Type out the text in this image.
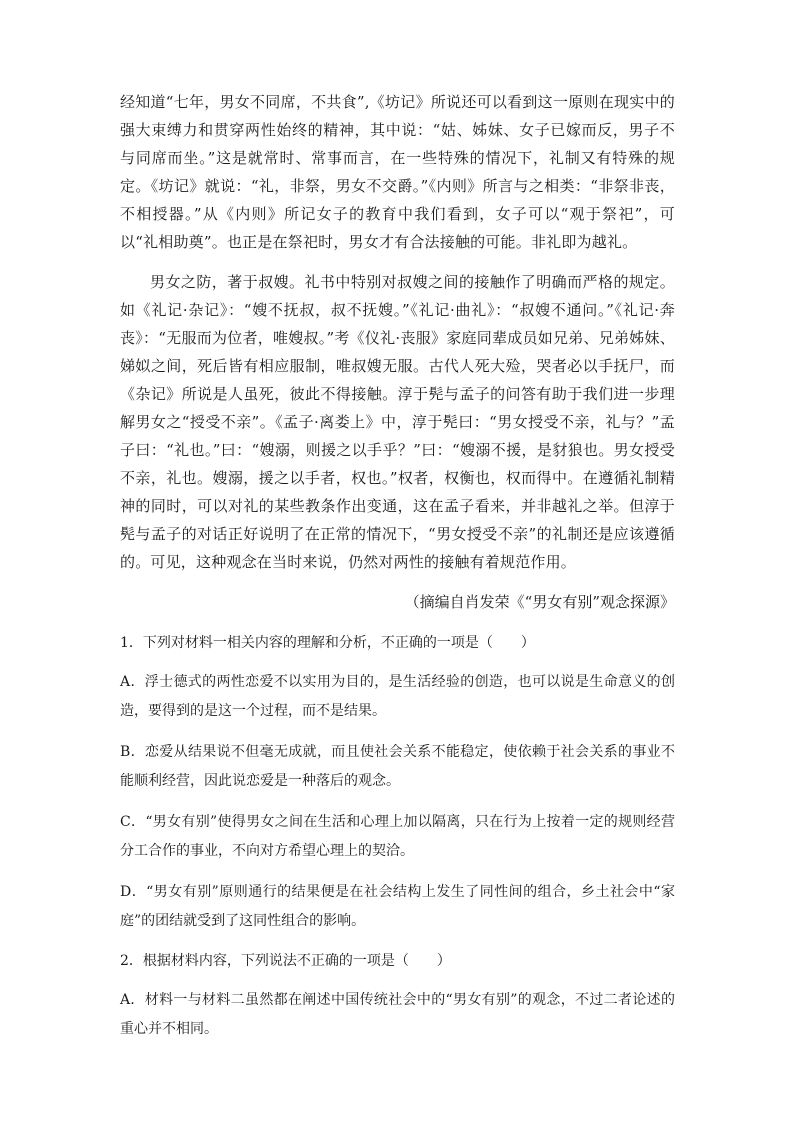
经知道“七年，男女不同席，不共食”,《坊记》所说还可以看到这一原则在现实中的强大束缚力和贯穿两性始终的精神，其中说：“姑、姊妹、女子已嫁而反，男子不与同席而坐。”这是就常时、常事而言，在一些特殊的情况下，礼制又有特殊的规定。《坊记》就说：“礼，非祭，男女不交爵。”《内则》所言与之相类：“非祭非丧，不相授器。”从《内则》所记女子的教育中我们看到，女子可以“观于祭祀”，可以“礼相助奠”。也正是在祭祀时，男女才有合法接触的可能。非礼即为越礼。

男女之防，著于叔嫂。礼书中特别对叔嫂之间的接触作了明确而严格的规定。如《礼记·杂记》：“嫂不抚叔，叔不抚嫂。”《礼记·曲礼》：“叔嫂不通问。”《礼记·奔丧》：“无服而为位者，唯嫂叔。”考《仪礼·丧服》家庭同辈成员如兄弟、兄弟姊妹、娣姒之间，死后皆有相应服制，唯叔嫂无服。古代人死大殓，哭者必以手抚尸，而《杂记》所说是人虽死，彼此不得接触。淳于髡与孟子的问答有助于我们进一步理解男女之“授受不亲”。《孟子·离娄上》中，淳于髡曰：“男女授受不亲，礼与？”孟子曰：“礼也。”曰：“嫂溺，则援之以手乎？”曰：“嫂溺不援，是豺狼也。男女授受不亲，礼也。嫂溺，援之以手者，权也。”权者，权衡也，权而得中。在遵循礼制精神的同时，可以对礼的某些教条作出变通，这在孟子看来，并非越礼之举。但淳于髡与孟子的对话正好说明了在正常的情况下，“男女授受不亲”的礼制还是应该遵循的。可见，这种观念在当时来说，仍然对两性的接触有着规范作用。

（摘编自肖发荣《“男女有别”观念探源》

1．下列对材料一相关内容的理解和分析，不正确的一项是（　　）

A．浮士德式的两性恋爱不以实用为目的，是生活经验的创造，也可以说是生命意义的创造，要得到的是这一个过程，而不是结果。

B．恋爱从结果说不但毫无成就，而且使社会关系不能稳定，使依赖于社会关系的事业不能顺利经营，因此说恋爱是一种落后的观念。

C．“男女有别”使得男女之间在生活和心理上加以隔离，只在行为上按着一定的规则经营分工合作的事业，不向对方希望心理上的契洽。

D．“男女有别”原则通行的结果便是在社会结构上发生了同性间的组合，乡土社会中“家庭”的团结就受到了这同性组合的影响。

2．根据材料内容，下列说法不正确的一项是（　　）

A．材料一与材料二虽然都在阐述中国传统社会中的“男女有别”的观念，不过二者论述的重心并不相同。
